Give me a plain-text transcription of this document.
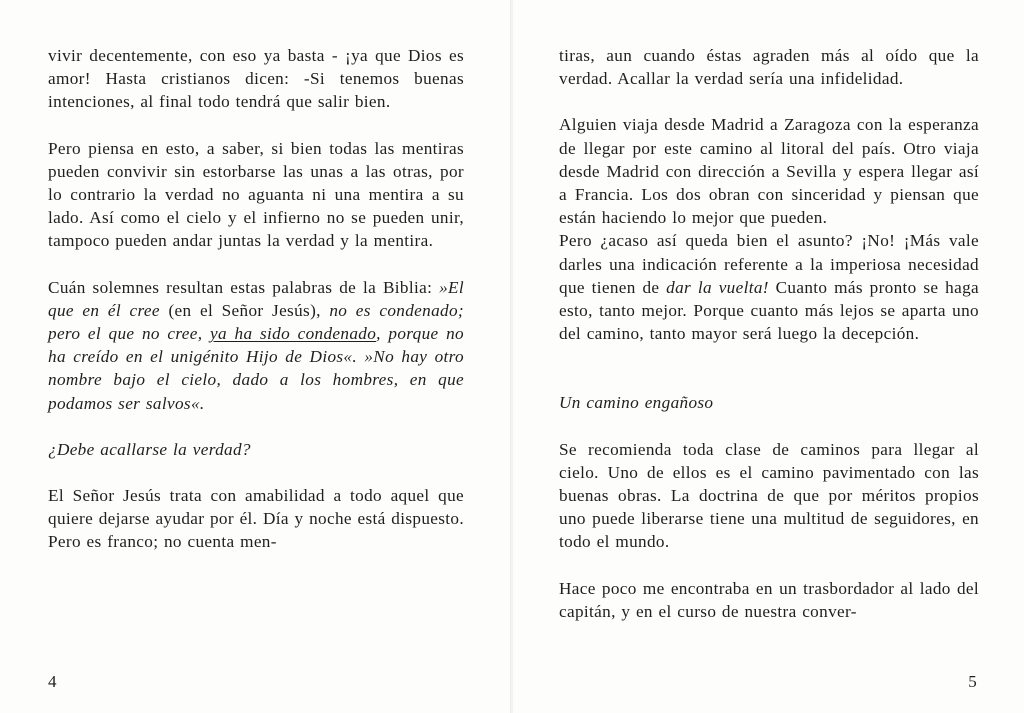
vivir decentemente, con eso ya basta - ¡ya que Dios es amor! Hasta cristianos dicen: -Si tenemos buenas intenciones, al final todo tendrá que salir bien.

Pero piensa en esto, a saber, si bien todas las mentiras pueden convivir sin estorbarse las unas a las otras, por lo contrario la verdad no aguanta ni una mentira a su lado. Así como el cielo y el infierno no se pueden unir, tampoco pueden andar juntas la verdad y la mentira.

Cuán solemnes resultan estas palabras de la Biblia: »El que en él cree (en el Señor Jesús), no es condenado; pero el que no cree, ya ha sido condenado, porque no ha creído en el unigénito Hijo de Dios«. »No hay otro nombre bajo el cielo, dado a los hombres, en que podamos ser salvos«.

¿Debe acallarse la verdad?

El Señor Jesús trata con amabilidad a todo aquel que quiere dejarse ayudar por él. Día y noche está dispuesto. Pero es franco; no cuenta men-

4

tiras, aun cuando éstas agraden más al oído que la verdad. Acallar la verdad sería una infidelidad.

Alguien viaja desde Madrid a Zaragoza con la esperanza de llegar por este camino al litoral del país. Otro viaja desde Madrid con dirección a Sevilla y espera llegar así a Francia. Los dos obran con sinceridad y piensan que están haciendo lo mejor que pueden.

Pero ¿acaso así queda bien el asunto? ¡No! ¡Más vale darles una indicación referente a la imperiosa necesidad que tienen de dar la vuelta! Cuanto más pronto se haga esto, tanto mejor. Porque cuanto más lejos se aparta uno del camino, tanto mayor será luego la decepción.

Un camino engañoso

Se recomienda toda clase de caminos para llegar al cielo. Uno de ellos es el camino pavimentado con las buenas obras. La doctrina de que por méritos propios uno puede liberarse tiene una multitud de seguidores, en todo el mundo.

Hace poco me encontraba en un trasbordador al lado del capitán, y en el curso de nuestra conver-

5
